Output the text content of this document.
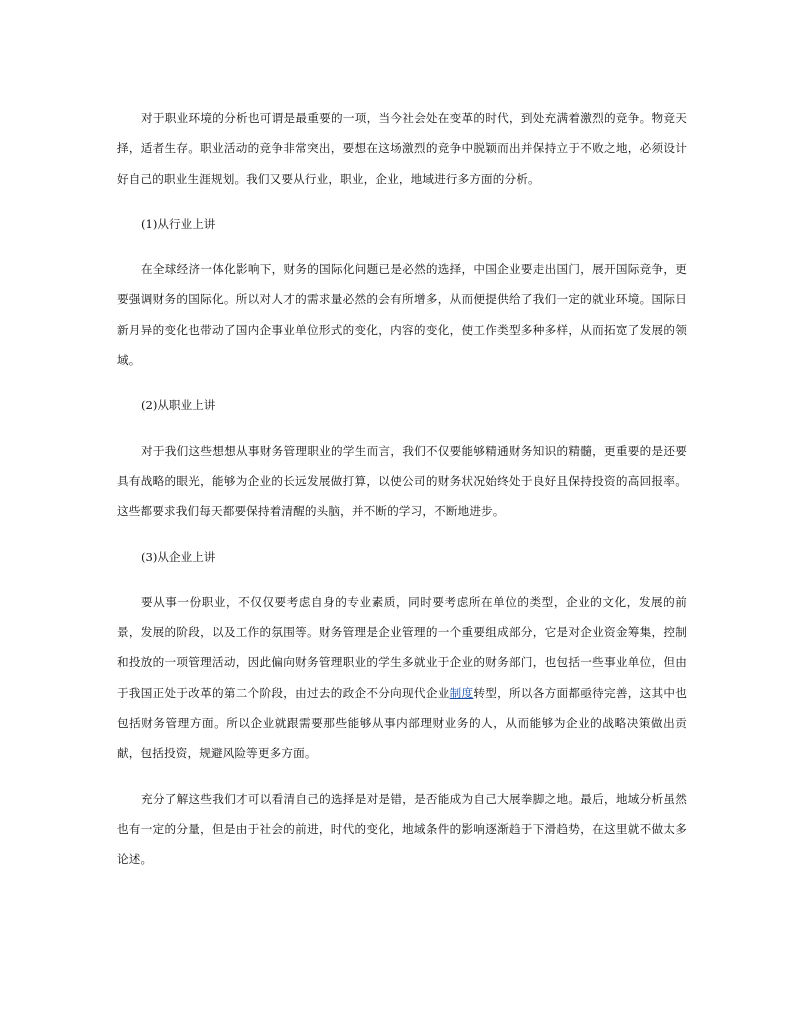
对于职业环境的分析也可谓是最重要的一项，当今社会处在变革的时代，到处充满着激烈的竞争。物竞天择，适者生存。职业活动的竞争非常突出，要想在这场激烈的竞争中脱颖而出并保持立于不败之地，必须设计好自己的职业生涯规划。我们又要从行业，职业，企业，地域进行多方面的分析。

(1)从行业上讲

在全球经济一体化影响下，财务的国际化问题已是必然的选择，中国企业要走出国门，展开国际竞争，更要强调财务的国际化。所以对人才的需求量必然的会有所增多，从而便提供给了我们一定的就业环境。国际日新月异的变化也带动了国内企事业单位形式的变化，内容的变化，使工作类型多种多样，从而拓宽了发展的领域。

(2)从职业上讲

对于我们这些想想从事财务管理职业的学生而言，我们不仅要能够精通财务知识的精髓，更重要的是还要具有战略的眼光，能够为企业的长远发展做打算，以使公司的财务状况始终处于良好且保持投资的高回报率。这些都要求我们每天都要保持着清醒的头脑，并不断的学习，不断地进步。

(3)从企业上讲

要从事一份职业，不仅仅要考虑自身的专业素质，同时要考虑所在单位的类型，企业的文化，发展的前景，发展的阶段，以及工作的氛围等。财务管理是企业管理的一个重要组成部分，它是对企业资金筹集，控制和投放的一项管理活动，因此偏向财务管理职业的学生多就业于企业的财务部门，也包括一些事业单位，但由于我国正处于改革的第二个阶段，由过去的政企不分向现代企业制度转型，所以各方面都亟待完善，这其中也包括财务管理方面。所以企业就跟需要那些能够从事内部理财业务的人，从而能够为企业的战略决策做出贡献，包括投资，规避风险等更多方面。

充分了解这些我们才可以看清自己的选择是对是错，是否能成为自己大展拳脚之地。最后，地域分析虽然也有一定的分量，但是由于社会的前进，时代的变化，地域条件的影响逐渐趋于下滑趋势，在这里就不做太多论述。
